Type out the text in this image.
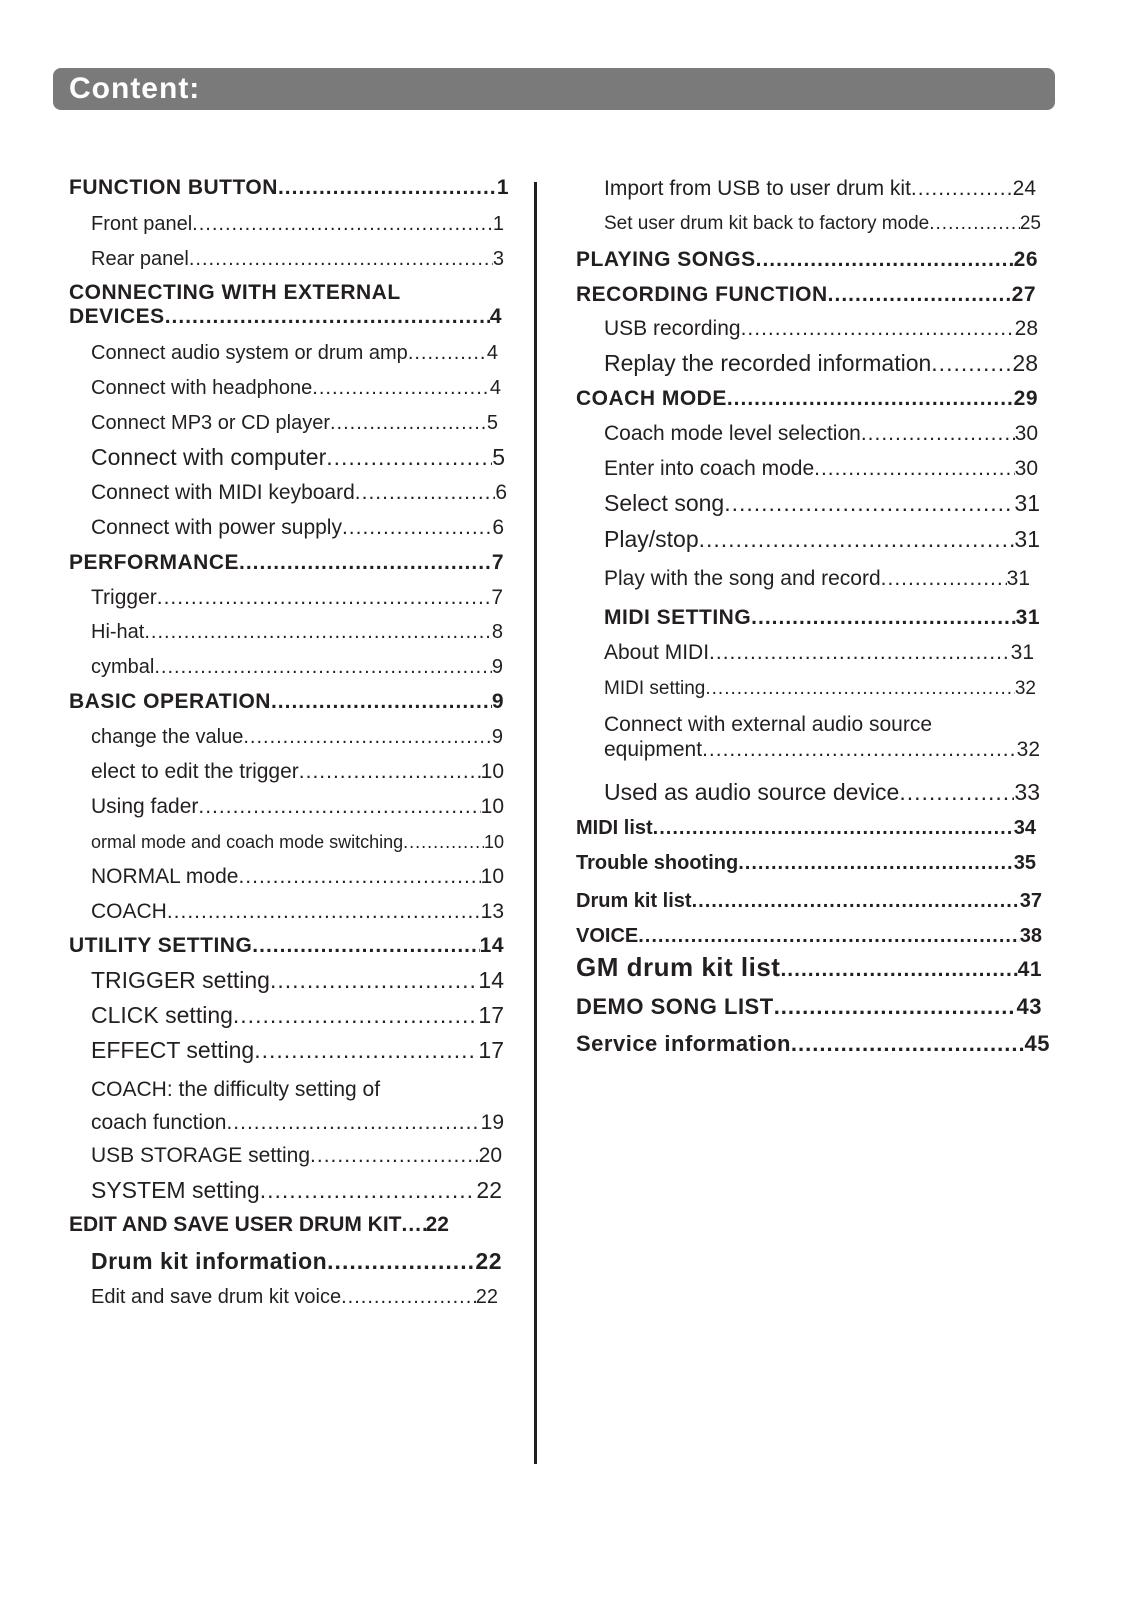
Content:
FUNCTION BUTTON .....	1
Front panel .....	1
Rear panel .....	3
CONNECTING WITH EXTERNAL
DEVICES .....	4
Connect audio system or drum amp .....	4
Connect with headphone .....	4
Connect MP3 or CD player .....	5
Connect with computer .....	5
Connect with MIDI keyboard .....	6
Connect with power supply .....	6
PERFORMANCE .....	7
Trigger .....	7
Hi-hat .....	8
cymbal .....	9
BASIC OPERATION .....	9
change the value .....	9
elect to edit the trigger .....	10
Using fader .....	10
ormal mode and coach mode switching .....	10
NORMAL mode .....	10
COACH .....	13
UTILITY SETTING .....	14
TRIGGER setting .....	14
CLICK setting .....	17
EFFECT setting .....	17
COACH: the difficulty setting of
coach function .....	19
USB STORAGE setting .....	20
SYSTEM setting .....	22
EDIT AND SAVE USER DRUM KIT ..... 22
Drum kit information .....	22
Edit and save drum kit voice .....	22
Import from USB to user drum kit .....	24
Set user drum kit back to factory mode .....	25
PLAYING SONGS .....	26
RECORDING FUNCTION .....	27
USB recording .....	28
Replay the recorded information .....	28
COACH MODE .....	29
Coach mode level selection .....	30
Enter into coach mode .....	30
Select song .....	31
Play/stop .....	31
Play with the song and record .....	31
MIDI SETTING .....	31
About MIDI .....	31
MIDI setting .....	32
Connect with external audio source
equipment .....	32
Used as audio source device .....	33
MIDI list .....	34
Trouble shooting .....	35
Drum kit list .....	37
VOICE .....	38
GM drum kit list .....	41
DEMO SONG LIST .....	43
Service information .....	45
